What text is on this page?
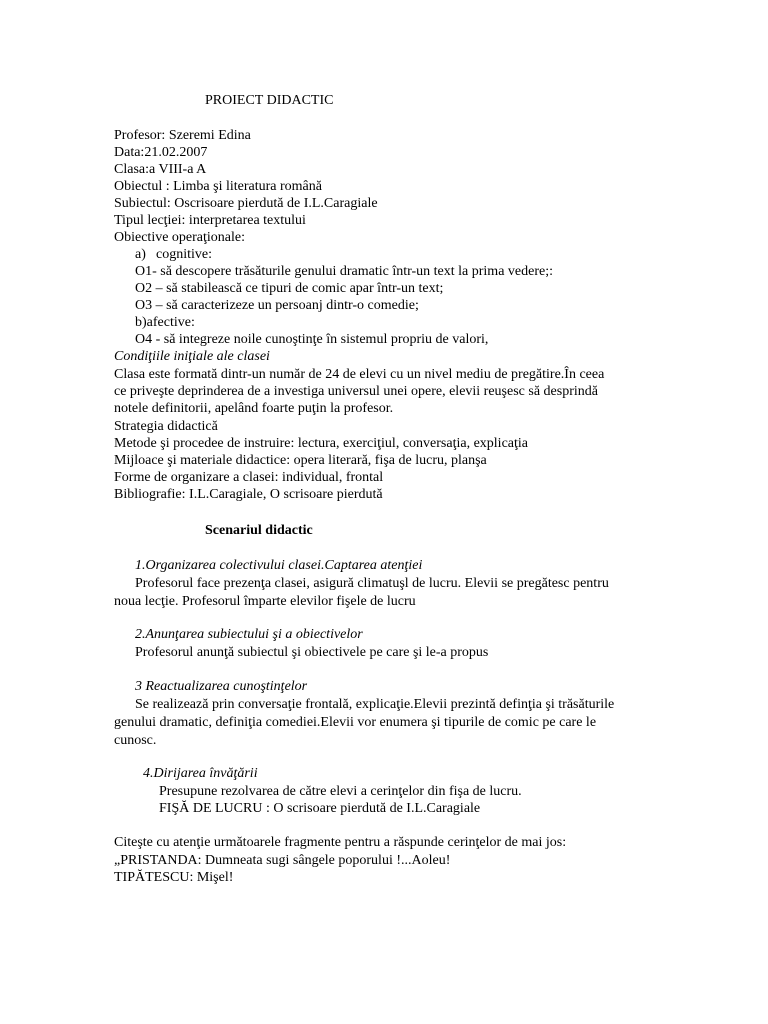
PROIECT DIDACTIC
Profesor: Szeremi Edina
Data:21.02.2007
Clasa:a VIII-a A
Obiectul : Limba şi literatura română
Subiectul: Oscrisoare pierdută de I.L.Caragiale
Tipul lecţiei: interpretarea textului
Obiective operaţionale:
a) cognitive:
O1- să descopere trăsăturile genului dramatic într-un text la prima vedere;:
O2 – să stabilească ce tipuri de comic apar într-un text;
O3 – să caracterizeze un persoanj dintr-o comedie;
b)afective:
O4 - să integreze noile cunoştinţe în sistemul propriu de valori,
Condiţiile iniţiale ale clasei
Clasa este formată dintr-un număr de 24 de elevi cu un nivel mediu de pregătire.În ceea
ce priveşte deprinderea de a investiga universul unei opere, elevii reuşesc să desprindă
notele definitorii, apelând foarte puţin la profesor.
Strategia didactică
Metode şi procedee de instruire: lectura, exerciţiul, conversaţia, explicaţia
Mijloace şi materiale didactice: opera literară, fişa de lucru, planşa
Forme de organizare a clasei: individual, frontal
Bibliografie: I.L.Caragiale, O scrisoare pierdută
Scenariul didactic
1.Organizarea colectivului clasei.Captarea atenţiei
Profesorul face prezenţa clasei, asigură climatuşl de lucru. Elevii se pregătesc pentru
noua lecţie. Profesorul împarte elevilor fişele de lucru
2.Anunţarea subiectului şi a obiectivelor
Profesorul anunţă subiectul şi obiectivele pe care şi le-a propus
3 Reactualizarea cunoştinţelor
Se realizează prin conversaţie frontală, explicaţie.Elevii prezintă definţia şi trăsăturile
genului dramatic, definiţia comediei.Elevii vor enumera şi tipurile de comic pe care le
cunosc.
4.Dirijarea învăţării
Presupune rezolvarea de către elevi a cerinţelor din fişa de lucru.
FIŞĂ DE LUCRU : O scrisoare pierdută de I.L.Caragiale
Citeşte cu atenţie următoarele fragmente pentru a răspunde cerinţelor de mai jos:
„PRISTANDA: Dumneata sugi sângele poporului !...Aoleu!
TIPĂTESCU: Mişel!
